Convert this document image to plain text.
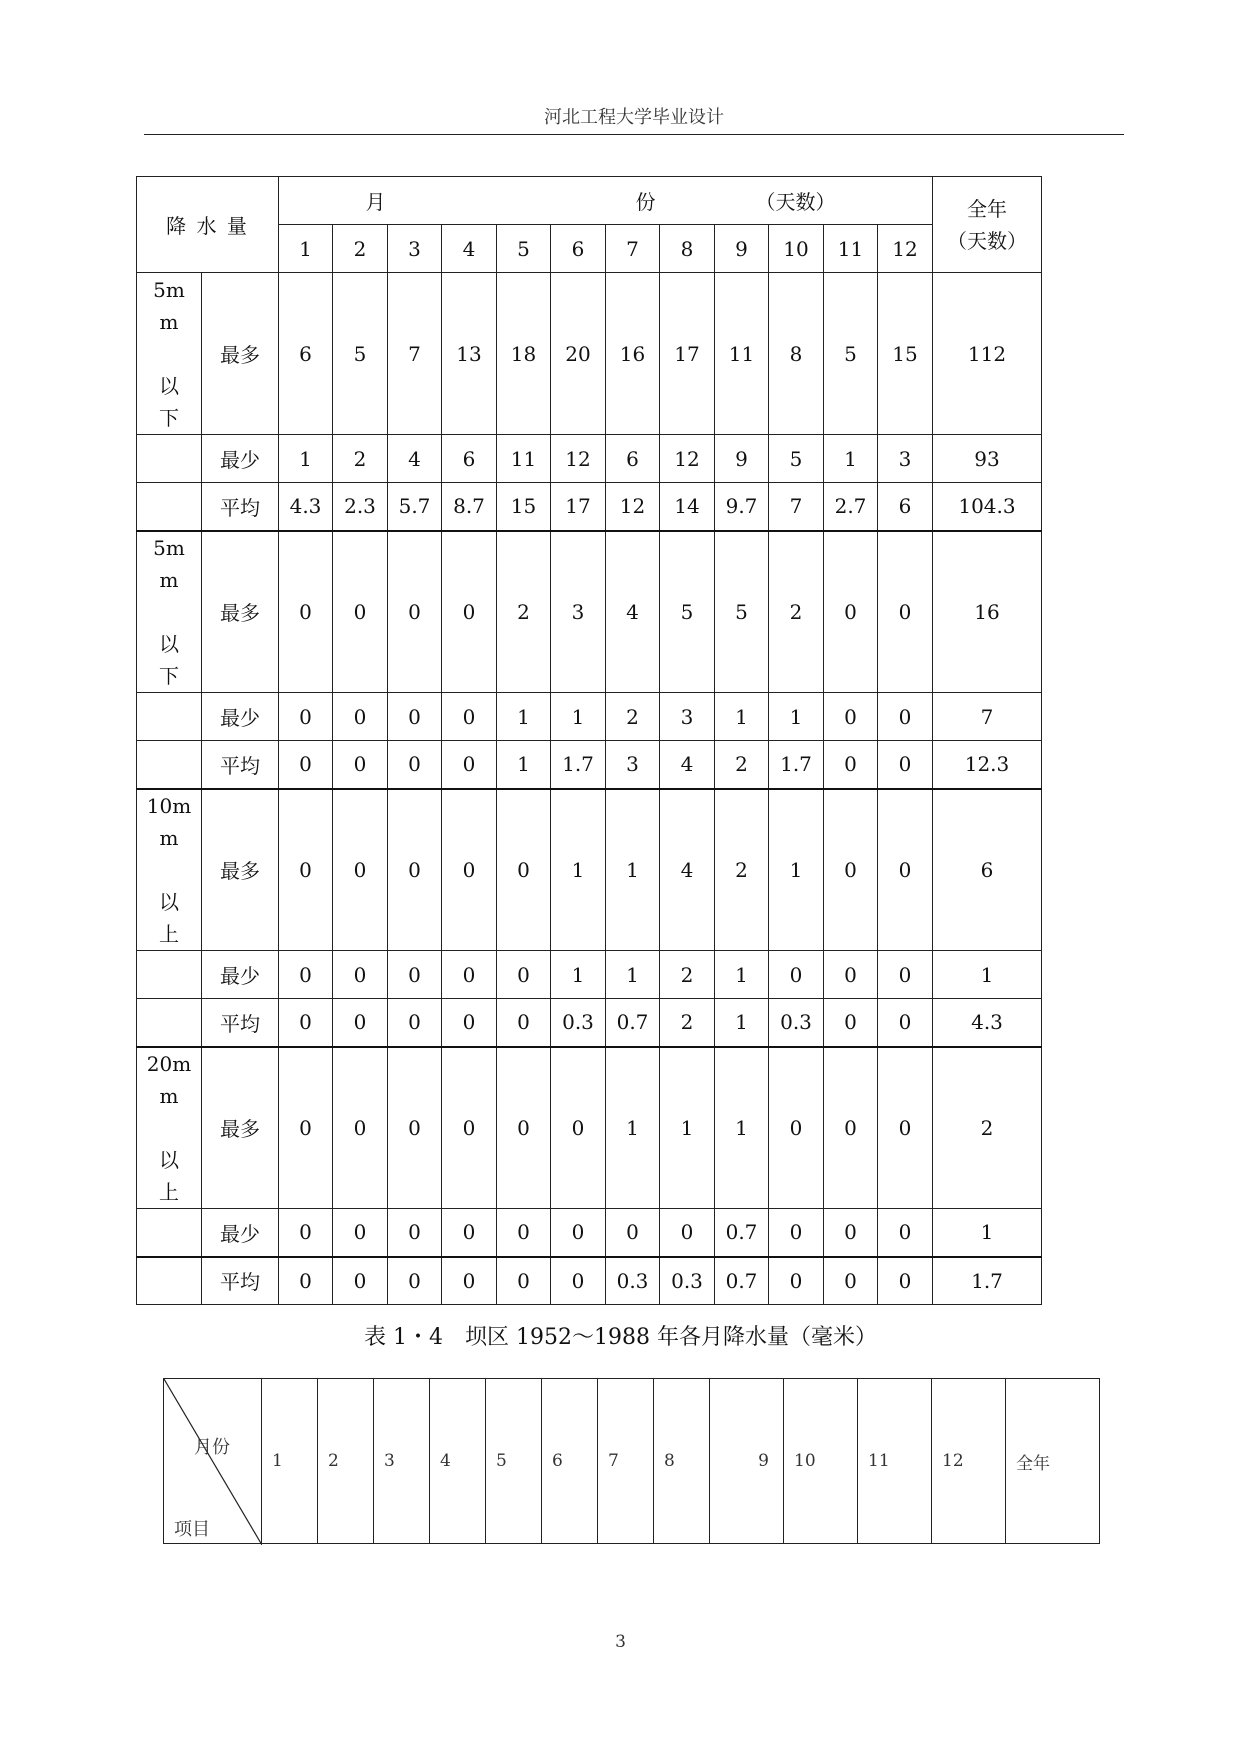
河北工程大学毕业设计
降 水 量		月 份 （天数）												全年
（天数）

		1	2	3	4	5	6	7	8	9	10	11	12	

5m
m

以
下	最多	6	5	7	13	18	20	16	17	11	8	5	15	112
	最少	1	2	4	6	11	12	6	12	9	5	1	3	93
	平均	4.3	2.3	5.7	8.7	15	17	12	14	9.7	7	2.7	6	104.3

5m
m

以
下	最多	0	0	0	0	2	3	4	5	5	2	0	0	16
	最少	0	0	0	0	1	1	2	3	1	1	0	0	7
	平均	0	0	0	0	1	1.7	3	4	2	1.7	0	0	12.3

10m
m

以
上	最多	0	0	0	0	0	1	1	4	2	1	0	0	6
	最少	0	0	0	0	0	1	1	2	1	0	0	0	1
	平均	0	0	0	0	0	0.3	0.7	2	1	0.3	0	0	4.3

20m
m

以
上	最多	0	0	0	0	0	0	1	1	1	0	0	0	2
	最少	0	0	0	0	0	0	0	0	0.7	0	0	0	1
	平均	0	0	0	0	0	0	0.3	0.3	0.7	0	0	0	1.7
表 1・4　坝区 1952～1988 年各月降水量（毫米）
月份
项目
	1	2	3	4	5	6	7	8	9	10	11	12	全年
3
